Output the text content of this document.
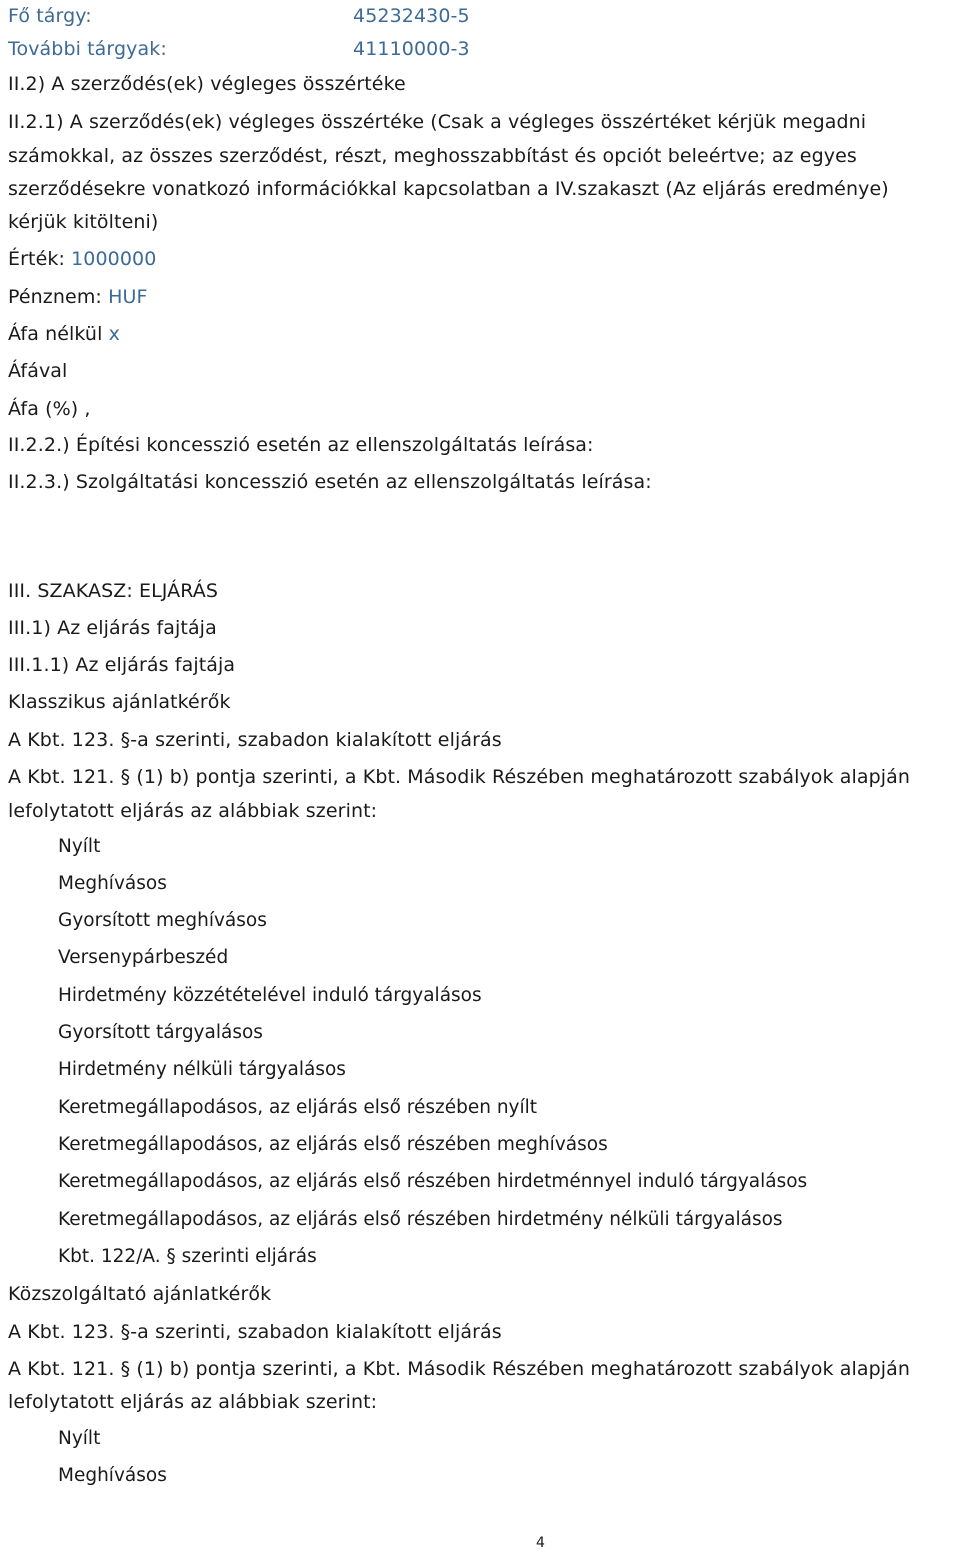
Fő tárgy:	45232430-5
További tárgyak:	41110000-3
II.2) A szerződés(ek) végleges összértéke
II.2.1) A szerződés(ek) végleges összértéke (Csak a végleges összértéket kérjük megadni
számokkal, az összes szerződést, részt, meghosszabbítást és opciót beleértve; az egyes
szerződésekre vonatkozó információkkal kapcsolatban a IV.szakaszt (Az eljárás eredménye)
kérjük kitölteni)
Érték: 1000000
Pénznem: HUF
Áfa nélkül x
Áfával
Áfa (%) ,
II.2.2.) Építési koncesszió esetén az ellenszolgáltatás leírása:
II.2.3.) Szolgáltatási koncesszió esetén az ellenszolgáltatás leírása:
III. SZAKASZ: ELJÁRÁS
III.1) Az eljárás fajtája
III.1.1) Az eljárás fajtája
Klasszikus ajánlatkérők
A Kbt. 123. §-a szerinti, szabadon kialakított eljárás
A Kbt. 121. § (1) b) pontja szerinti, a Kbt. Második Részében meghatározott szabályok alapján
lefolytatott eljárás az alábbiak szerint:
Nyílt
Meghívásos
Gyorsított meghívásos
Versenypárbeszéd
Hirdetmény közzétételével induló tárgyalásos
Gyorsított tárgyalásos
Hirdetmény nélküli tárgyalásos
Keretmegállapodásos, az eljárás első részében nyílt
Keretmegállapodásos, az eljárás első részében meghívásos
Keretmegállapodásos, az eljárás első részében hirdetménnyel induló tárgyalásos
Keretmegállapodásos, az eljárás első részében hirdetmény nélküli tárgyalásos
Kbt. 122/A. § szerinti eljárás
Közszolgáltató ajánlatkérők
A Kbt. 123. §-a szerinti, szabadon kialakított eljárás
A Kbt. 121. § (1) b) pontja szerinti, a Kbt. Második Részében meghatározott szabályok alapján
lefolytatott eljárás az alábbiak szerint:
Nyílt
Meghívásos
4
